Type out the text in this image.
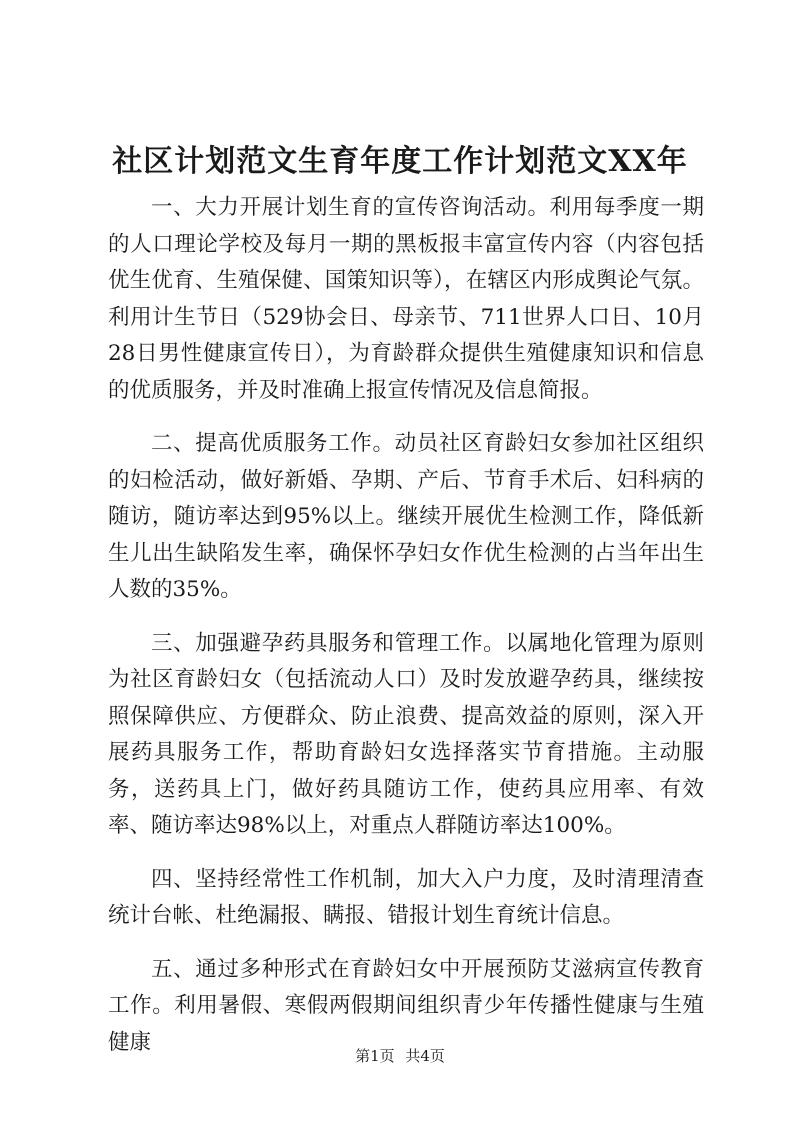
社区计划范文生育年度工作计划范文XX年

一、大力开展计划生育的宣传咨询活动。利用每季度一期的人口理论学校及每月一期的黑板报丰富宣传内容（内容包括优生优育、生殖保健、国策知识等），在辖区内形成舆论气氛。利用计生节日（529协会日、母亲节、711世界人口日、10月28日男性健康宣传日），为育龄群众提供生殖健康知识和信息的优质服务，并及时准确上报宣传情况及信息简报。

二、提高优质服务工作。动员社区育龄妇女参加社区组织的妇检活动，做好新婚、孕期、产后、节育手术后、妇科病的随访，随访率达到95%以上。继续开展优生检测工作，降低新生儿出生缺陷发生率，确保怀孕妇女作优生检测的占当年出生人数的35%。

三、加强避孕药具服务和管理工作。以属地化管理为原则为社区育龄妇女（包括流动人口）及时发放避孕药具，继续按照保障供应、方便群众、防止浪费、提高效益的原则，深入开展药具服务工作，帮助育龄妇女选择落实节育措施。主动服务，送药具上门，做好药具随访工作，使药具应用率、有效率、随访率达98%以上，对重点人群随访率达100%。

四、坚持经常性工作机制，加大入户力度，及时清理清查统计台帐、杜绝漏报、瞒报、错报计划生育统计信息。

五、通过多种形式在育龄妇女中开展预防艾滋病宣传教育工作。利用暑假、寒假两假期间组织青少年传播性健康与生殖健康

第1页 共4页
